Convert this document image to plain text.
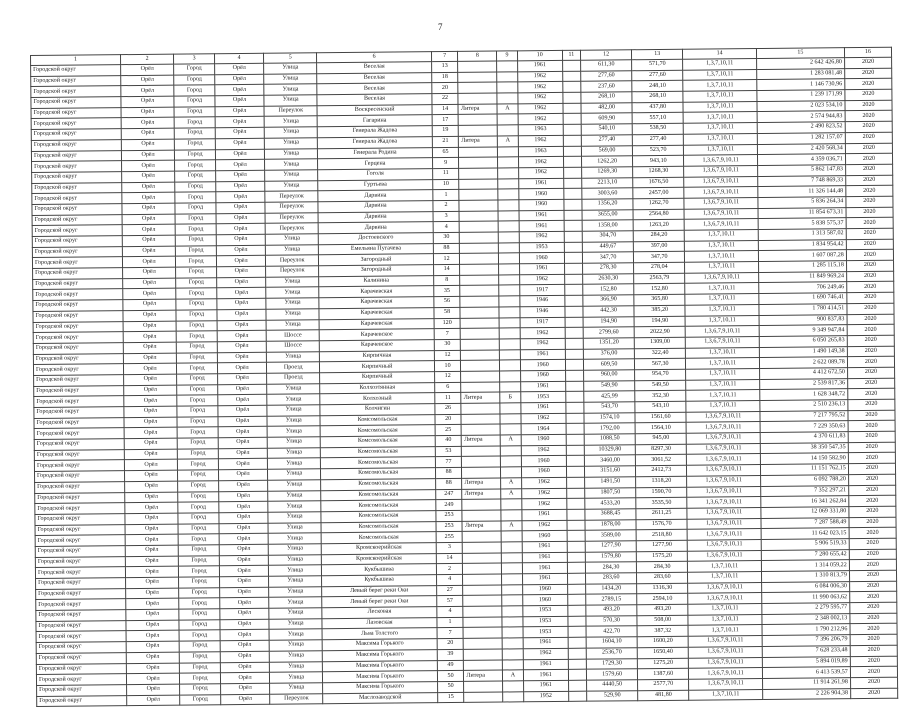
7
1	2	3	4	5	6	7	8	9	10	11	12	13	14	15	16
Городской округ	Орёл	Город	Орёл	Улица	Веселая	13			1961		611,30	571,70	1,3,7,10,11	2 642 426,80	2020
Городской округ	Орёл	Город	Орёл	Улица	Веселая	18			1962		277,60	277,60	1,3,7,10,11	1 283 081,48	2020
Городской округ	Орёл	Город	Орёл	Улица	Веселая	20			1962		237,60	248,10	1,3,7,10,11	1 146 730,96	2020
Городской округ	Орёл	Город	Орёл	Улица	Веселая	22			1962		268,10	268,10	1,3,7,10,11	1 239 171,99	2020
Городской округ	Орёл	Город	Орёл	Переулок	Воскресенский	14	Литера	А	1962		482,00	437,80	1,3,7,10,11	2 023 534,10	2020
Городской округ	Орёл	Город	Орёл	Улица	Гагарина	17			1962		609,90	557,10	1,3,7,10,11	2 574 944,83	2020
Городской округ	Орёл	Город	Орёл	Улица	Генерала Жадова	19			1963		540,10	538,50	1,3,7,10,11	2 490 823,52	2020
Городской округ	Орёл	Город	Орёл	Улица	Генерала Жадова	21	Литера	А	1962		277,40	277,40	1,3,7,10,11	1 282 157,07	2020
Городской округ	Орёл	Город	Орёл	Улица	Генерала Родина	65			1963		569,00	523,70	1,3,7,10,11	2 420 568,34	2020
Городской округ	Орёл	Город	Орёл	Улица	Герцена	9			1962		1262,20	943,10	1,3,6,7,9,10,11	4 359 036,71	2020
Городской округ	Орёл	Город	Орёл	Улица	Гоголя	11			1962		1269,30	1268,30	1,3,6,7,9,10,11	5 862 147,83	2020
Городской округ	Орёл	Город	Орёл	Улица	Гуртьева	10			1961		2213,10	1676,50	1,3,6,7,9,10,11	7 748 869,33	2020
Городской округ	Орёл	Город	Орёл	Переулок	Дарвина	1			1960		3003,60	2457,00	1,3,6,7,9,10,11	11 326 144,48	2020
Городской округ	Орёл	Город	Орёл	Переулок	Дарвина	2			1960		1356,20	1262,70	1,3,6,7,9,10,11	5 836 264,34	2020
Городской округ	Орёл	Город	Орёл	Переулок	Дарвина	3			1961		3655,00	2564,80	1,3,6,7,9,10,11	11 854 673,31	2020
Городской округ	Орёл	Город	Орёл	Переулок	Дарвина	4			1961		1358,00	1263,20	1,3,6,7,9,10,11	5 838 575,37	2020
Городской округ	Орёл	Город	Орёл	Улица	Достоевского	30			1962		304,70	284,20	1,3,7,10,11	1 313 587,02	2020
Городской округ	Орёл	Город	Орёл	Улица	Емельяна Пугачева	88			1953		449,67	397,00	1,3,7,10,11	1 834 954,42	2020
Городской округ	Орёл	Город	Орёл	Переулок	Загородный	12			1960		347,70	347,70	1,3,7,10,11	1 607 087,28	2020
Городской округ	Орёл	Город	Орёл	Переулок	Загородный	14			1961		278,30	278,04	1,3,7,10,11	1 285 115,18	2020
Городской округ	Орёл	Город	Орёл	Улица	Калинина	8			1962		2630,30	2563,79	1,3,6,7,9,10,11	11 849 969,24	2020
Городской округ	Орёл	Город	Орёл	Улица	Карачевская	35			1917		152,80	152,80	1,3,7,10,11	706 249,46	2020
Городской округ	Орёл	Город	Орёл	Улица	Карачевская	56			1946		366,90	365,80	1,3,7,10,11	1 690 746,41	2020
Городской округ	Орёл	Город	Орёл	Улица	Карачевская	58			1946		442,30	385,20	1,3,7,10,11	1 780 414,51	2020
Городской округ	Орёл	Город	Орёл	Улица	Карачевская	120			1917		194,90	194,90	1,3,7,10,11	900 837,83	2020
Городской округ	Орёл	Город	Орёл	Шоссе	Карачевское	7			1962		2799,60	2022,90	1,3,6,7,9,10,11	9 349 947,84	2020
Городской округ	Орёл	Город	Орёл	Шоссе	Карачевское	30			1962		1351,20	1309,00	1,3,6,7,9,10,11	6 050 265,83	2020
Городской округ	Орёл	Город	Орёл	Улица	Кирпичная	12			1961		376,00	322,40	1,3,7,10,11	1 490 149,38	2020
Городской округ	Орёл	Город	Орёл	Проезд	Кирпичный	10			1960		609,50	567,30	1,3,7,10,11	2 622 089,78	2020
Городской округ	Орёл	Город	Орёл	Проезд	Кирпичный	12			1960		960,00	954,70	1,3,7,10,11	4 412 672,50	2020
Городской округ	Орёл	Город	Орёл	Улица	Колхозтянная	6			1961		549,90	549,50	1,3,7,10,11	2 539 817,36	2020
Городской округ	Орёл	Город	Орёл	Улица	Колхозный	11	Литера	Б	1953		425,99	352,30	1,3,7,10,11	1 628 348,72	2020
Городской округ	Орёл	Город	Орёл	Улица	Колчигин	26			1961		543,70	543,10	1,3,7,10,11	2 510 236,13	2020
Городской округ	Орёл	Город	Орёл	Улица	Комсомольская	20			1962		1574,10	1561,60	1,3,6,7,9,10,11	7 217 795,52	2020
Городской округ	Орёл	Город	Орёл	Улица	Комсомольская	25			1964		1792,00	1564,10	1,3,6,7,9,10,11	7 229 350,63	2020
Городской округ	Орёл	Город	Орёл	Улица	Комсомольская	40	Литера	А	1960		1088,50	945,00	1,3,6,7,9,10,11	4 370 611,83	2020
Городской округ	Орёл	Город	Орёл	Улица	Комсомольская	53			1962		10329,80	8297,30	1,3,6,7,9,10,11	38 350 547,35	2020
Городской округ	Орёл	Город	Орёл	Улица	Комсомольская	77			1960		3460,00	3061,52	1,3,6,7,9,10,11	14 150 582,90	2020
Городской округ	Орёл	Город	Орёл	Улица	Комсомольская	88			1960		3151,60	2412,73	1,3,6,7,9,10,11	11 151 762,15	2020
Городской округ	Орёл	Город	Орёл	Улица	Комсомольская	88	Литера	А	1962		1491,50	1318,20	1,3,6,7,9,10,11	6 092 788,20	2020
Городской округ	Орёл	Город	Орёл	Улица	Комсомольская	247	Литера	А	1962		1807,50	1590,70	1,3,6,7,9,10,11	7 352 297,21	2020
Городской округ	Орёл	Город	Орёл	Улица	Комсомольская	249			1962		4533,20	3535,50	1,3,6,7,9,10,11	16 341 262,84	2020
Городской округ	Орёл	Город	Орёл	Улица	Комсомольская	253			1961		3688,45	2611,25	1,3,6,7,9,10,11	12 069 331,80	2020
Городской округ	Орёл	Город	Орёл	Улица	Комсомольская	253	Литера	А	1962		1878,00	1576,70	1,3,6,7,9,10,11	7 287 588,49	2020
Городской округ	Орёл	Город	Орёл	Улица	Комсомольская	255			1960		3589,00	2518,80	1,3,6,7,9,10,11	11 642 023,15	2020
Городской округ	Орёл	Город	Орёл	Улица	Кромскоерийская	3			1961		1277,90	1277,90	1,3,6,7,9,10,11	5 906 519,33	2020
Городской округ	Орёл	Город	Орёл	Улица	Кромскоерийская	14			1961		1579,80	1575,20	1,3,6,7,9,10,11	7 280 655,42	2020
Городской округ	Орёл	Город	Орёл	Улица	Кукбышева	2			1961		284,30	284,30	1,3,7,10,11	1 314 059,22	2020
Городской округ	Орёл	Город	Орёл	Улица	Кукбышева	4			1961		283,60	283,60	1,3,7,10,11	1 310 813,79	2020
Городской округ	Орёл	Город	Орёл	Улица	Левый берег реки Оки	27			1960		1434,20	1316,30	1,3,6,7,9,10,11	6 084 006,30	2020
Городской округ	Орёл	Город	Орёл	Улица	Левый берег реки Оки	57			1960		2789,15	2594,10	1,3,6,7,9,10,11	11 990 063,62	2020
Городской округ	Орёл	Город	Орёл	Улица	Лесковая	4			1953		493,20	493,20	1,3,7,10,11	2 279 595,77	2020
Городской округ	Орёл	Город	Орёл	Улица	Лазовская	1			1953		570,30	508,00	1,3,7,10,11	2 348 002,13	2020
Городской округ	Орёл	Город	Орёл	Улица	Льва Толстого	7			1953		422,70	387,32	1,3,7,10,11	1 790 212,96	2020
Городской округ	Орёл	Город	Орёл	Улица	Максима Горького	20			1961		1604,10	1600,20	1,3,6,7,9,10,11	7 396 206,79	2020
Городской округ	Орёл	Город	Орёл	Улица	Максима Горького	39			1962		2536,70	1650,40	1,3,6,7,9,10,11	7 628 233,48	2020
Городской округ	Орёл	Город	Орёл	Улица	Максима Горького	49			1961		1729,30	1275,20	1,3,6,7,9,10,11	5 894 019,89	2020
Городской округ	Орёл	Город	Орёл	Улица	Максима Горького	50	Литера	А	1961		1579,60	1387,60	1,3,6,7,9,10,11	6 413 539,57	2020
Городской округ	Орёл	Город	Орёл	Улица	Максима Горького	50			1961		4440,50	2577,70	1,3,6,7,9,10,11	11 914 261,98	2020
Городской округ	Орёл	Город	Орёл	Переулок	Маслозаводской	15			1952		529,90	481,80	1,3,7,10,11	2 226 904,38	2020
